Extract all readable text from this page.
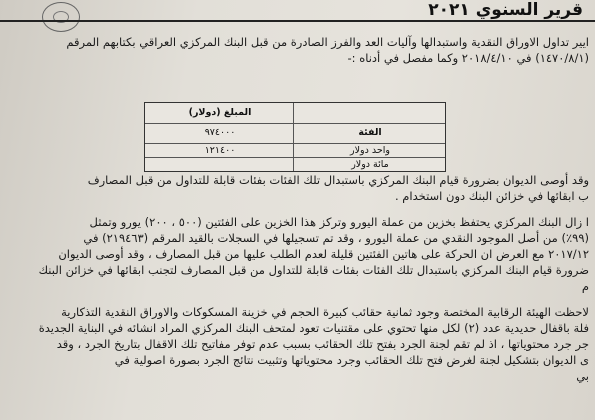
قرير السنوي ٢٠٢١
ايير تداول الاوراق النقدية واستبدالها وآليات العد والفرز الصادرة من قبل البنك المركزي العراقي بكتابهم المرقم
(١٤٧٠/٨/١) في ٢٠١٨/٤/١٠ وكما مفصل في أدناه :-
المبلغ (دولار)
الفئة
٩٧٤٠٠٠
واحد دولار
١٢١٤٠٠
مائة دولار
وقد أوصى الديوان بضرورة قيام البنك المركزي باستبدال تلك الفئات بفئات قابلة للتداول من قبل المصارف
ب ابقائها في خزائن البنك دون استخدام .
ا زال البنك المركزي يحتفظ بخزين من عملة اليورو وتركز هذا الخزين على الفئتين (٥٠٠ ، ٢٠٠) يورو وتمثل
(٩٩٪) من أصل الموجود النقدي من عملة اليورو ، وقد تم تسجيلها في السجلات بالقيد المرقم (٢١٩٤٦٣) في
٢٠١٧/١٢ مع العرض ان الحركة على هاتين الفئتين قليلة لعدم الطلب عليها من قبل المصارف ، وقد أوصى الديوان
ضرورة قيام البنك المركزي باستبدال تلك الفئات بفئات قابلة للتداول من قبل المصارف لتجنب ابقائها في خزائن البنك
م
لاحظت الهيئة الرقابية المختصة وجود ثمانية حقائب كبيرة الحجم في خزينة المسكوكات والاوراق النقدية التذكارية
فلة باقفال حديدية عدد (٢) لكل منها تحتوي على مقتنيات تعود لمتحف البنك المركزي المراد انشائه في البناية الجديدة
جر جرد محتوياتها ، اذ لم تقم لجنة الجرد بفتح تلك الحقائب بسبب عدم توفر مفاتيح تلك الاقفال بتاريخ الجرد ، وقد
ى الديوان بتشكيل لجنة لغرض فتح تلك الحقائب وجرد محتوياتها وتثبيت نتائج الجرد بصورة اصولية في
بي
